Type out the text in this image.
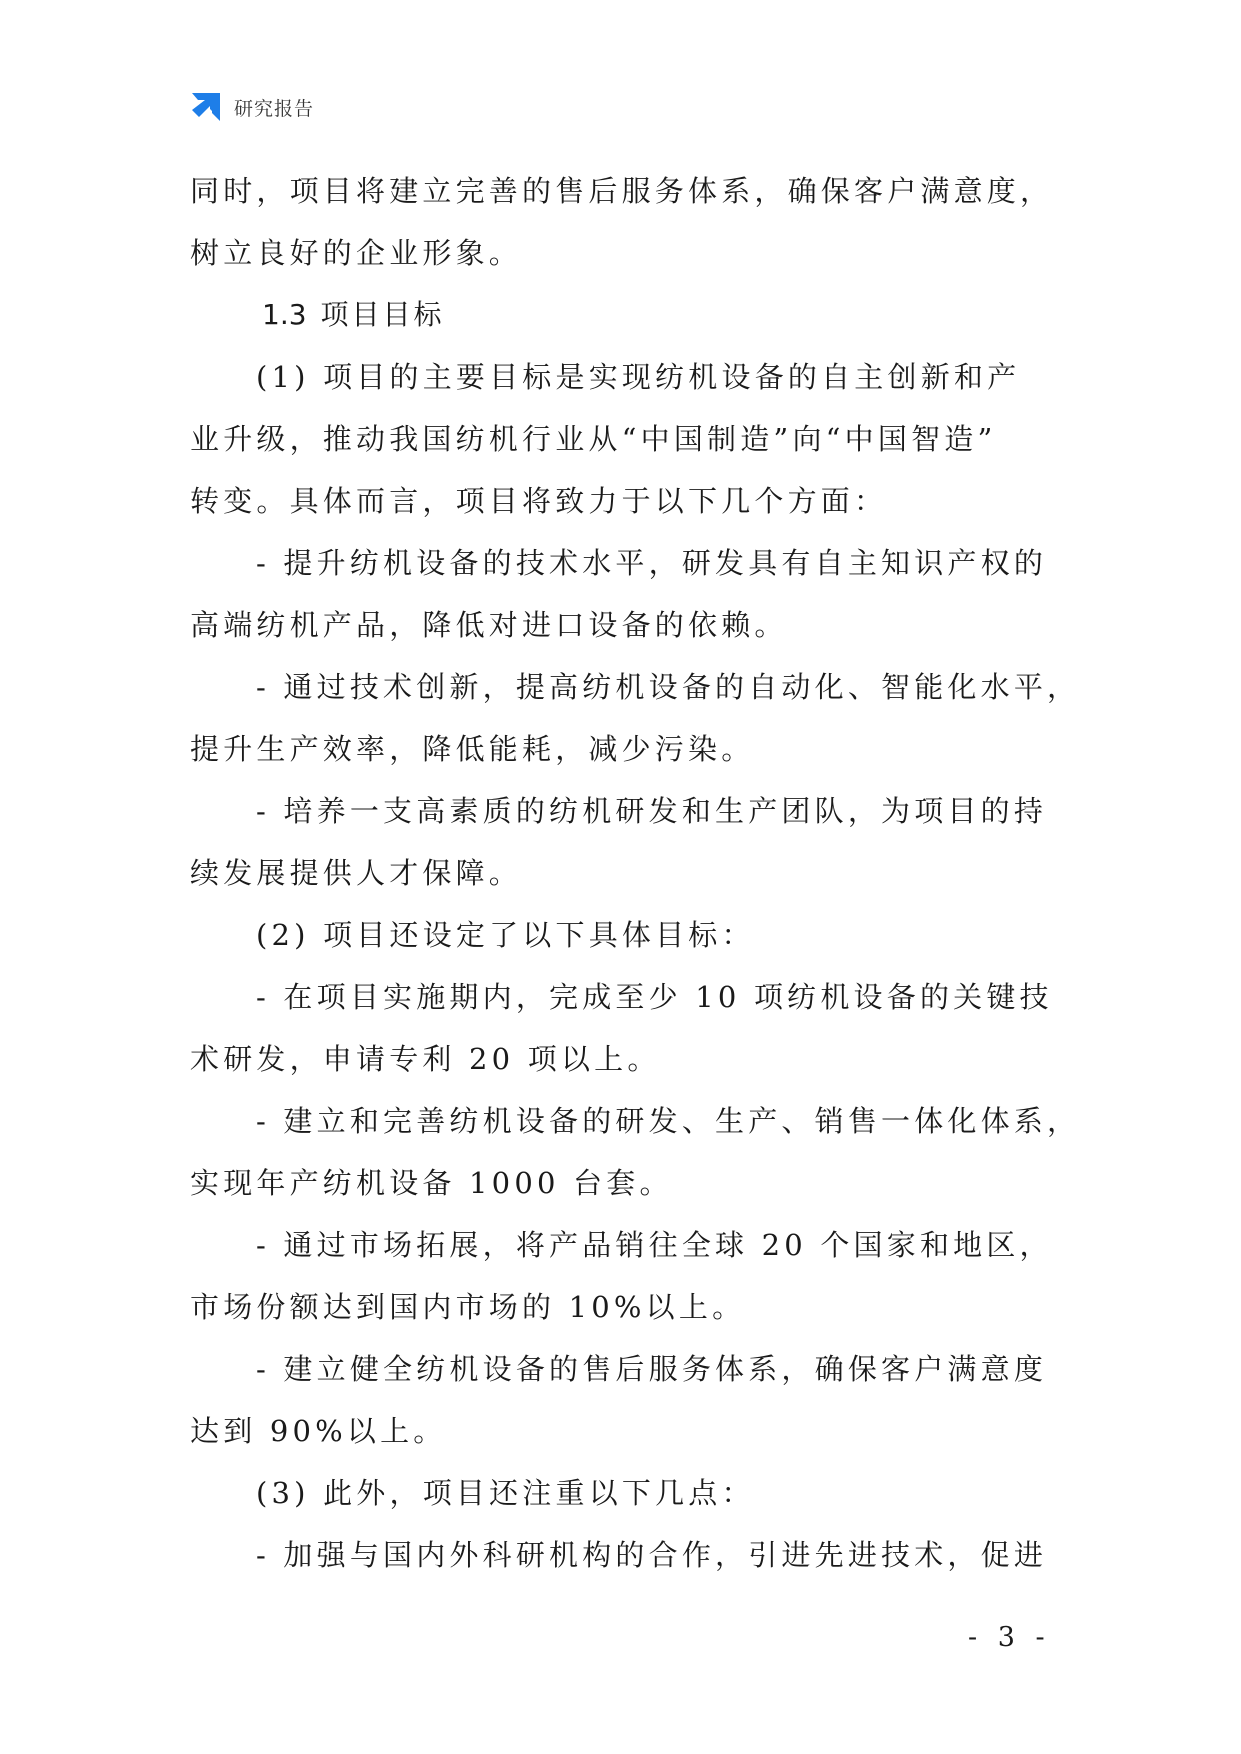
研究报告
同时，项目将建立完善的售后服务体系，确保客户满意度，
树立良好的企业形象。
1.3 项目目标
(1) 项目的主要目标是实现纺机设备的自主创新和产
业升级，推动我国纺机行业从“中国制造”向“中国智造”
转变。具体而言，项目将致力于以下几个方面：
- 提升纺机设备的技术水平，研发具有自主知识产权的
高端纺机产品，降低对进口设备的依赖。
- 通过技术创新，提高纺机设备的自动化、智能化水平，
提升生产效率，降低能耗，减少污染。
- 培养一支高素质的纺机研发和生产团队，为项目的持
续发展提供人才保障。
(2) 项目还设定了以下具体目标：
- 在项目实施期内，完成至少 10 项纺机设备的关键技
术研发，申请专利 20 项以上。
- 建立和完善纺机设备的研发、生产、销售一体化体系，
实现年产纺机设备 1000 台套。
- 通过市场拓展，将产品销往全球 20 个国家和地区，
市场份额达到国内市场的 10%以上。
- 建立健全纺机设备的售后服务体系，确保客户满意度
达到 90%以上。
(3) 此外，项目还注重以下几点：
- 加强与国内外科研机构的合作，引进先进技术，促进
- 3 -
